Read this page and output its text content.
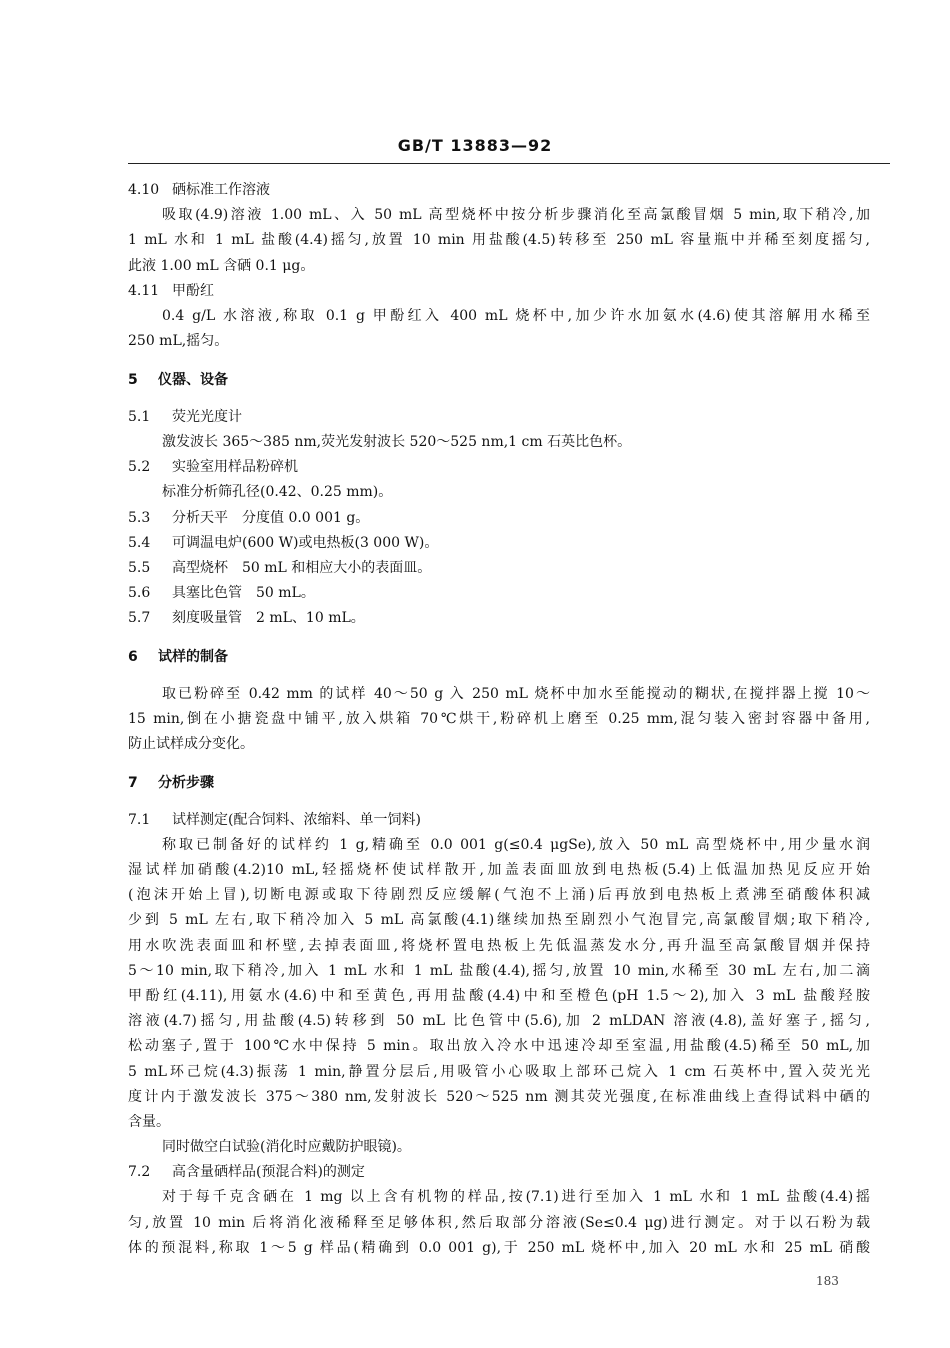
GB/T 13883—92
4.10 硒标准工作溶液
吸取(4.9)溶液 1.00 mL、入 50 mL 高型烧杯中按分析步骤消化至高氯酸冒烟 5 min,取下稍冷,加
1 mL 水和 1 mL 盐酸(4.4)摇匀,放置 10 min 用盐酸(4.5)转移至 250 mL 容量瓶中并稀至刻度摇匀,
此液 1.00 mL 含硒 0.1 μg。
4.11 甲酚红
0.4 g/L 水溶液,称取 0.1 g 甲酚红入 400 mL 烧杯中,加少许水加氨水(4.6)使其溶解用水稀至
250 mL,摇匀。
5 仪器、设备
5.1 荧光光度计
激发波长 365～385 nm,荧光发射波长 520～525 nm,1 cm 石英比色杯。
5.2 实验室用样品粉碎机
标准分析筛孔径(0.42、0.25 mm)。
5.3 分析天平　分度值 0.0 001 g。
5.4 可调温电炉(600 W)或电热板(3 000 W)。
5.5 高型烧杯　50 mL 和相应大小的表面皿。
5.6 具塞比色管　50 mL。
5.7 刻度吸量管　2 mL、10 mL。
6 试样的制备
取已粉碎至 0.42 mm 的试样 40～50 g 入 250 mL 烧杯中加水至能搅动的糊状,在搅拌器上搅 10～
15 min,倒在小搪瓷盘中铺平,放入烘箱 70℃烘干,粉碎机上磨至 0.25 mm,混匀装入密封容器中备用,
防止试样成分变化。
7 分析步骤
7.1 试样测定(配合饲料、浓缩料、单一饲料)
称取已制备好的试样约 1 g,精确至 0.0 001 g(≤0.4 μgSe),放入 50 mL 高型烧杯中,用少量水润
湿试样加硝酸(4.2)10 mL,轻摇烧杯使试样散开,加盖表面皿放到电热板(5.4)上低温加热见反应开始
(泡沫开始上冒),切断电源或取下待剧烈反应缓解(气泡不上涌)后再放到电热板上煮沸至硝酸体积减
少到 5 mL 左右,取下稍冷加入 5 mL 高氯酸(4.1)继续加热至剧烈小气泡冒完,高氯酸冒烟;取下稍冷,
用水吹洗表面皿和杯壁,去掉表面皿,将烧杯置电热板上先低温蒸发水分,再升温至高氯酸冒烟并保持
5～10 min,取下稍冷,加入 1 mL 水和 1 mL 盐酸(4.4),摇匀,放置 10 min,水稀至 30 mL 左右,加二滴
甲酚红(4.11),用氨水(4.6)中和至黄色,再用盐酸(4.4)中和至橙色(pH 1.5～2),加入 3 mL 盐酸羟胺
溶液(4.7)摇匀,用盐酸(4.5)转移到 50 mL 比色管中(5.6),加 2 mLDAN 溶液(4.8),盖好塞子,摇匀,
松动塞子,置于 100℃水中保持 5 min。取出放入冷水中迅速冷却至室温,用盐酸(4.5)稀至 50 mL,加
5 mL环己烷(4.3)振荡 1 min,静置分层后,用吸管小心吸取上部环己烷入 1 cm 石英杯中,置入荧光光
度计内于激发波长 375～380 nm,发射波长 520～525 nm 测其荧光强度,在标准曲线上查得试料中硒的
含量。
同时做空白试验(消化时应戴防护眼镜)。
7.2 高含量硒样品(预混合料)的测定
对于每千克含硒在 1 mg 以上含有机物的样品,按(7.1)进行至加入 1 mL 水和 1 mL 盐酸(4.4)摇
匀,放置 10 min 后将消化液稀释至足够体积,然后取部分溶液(Se≤0.4 μg)进行测定。对于以石粉为载
体的预混料,称取 1～5 g 样品(精确到 0.0 001 g),于 250 mL 烧杯中,加入 20 mL 水和 25 mL 硝酸
183
